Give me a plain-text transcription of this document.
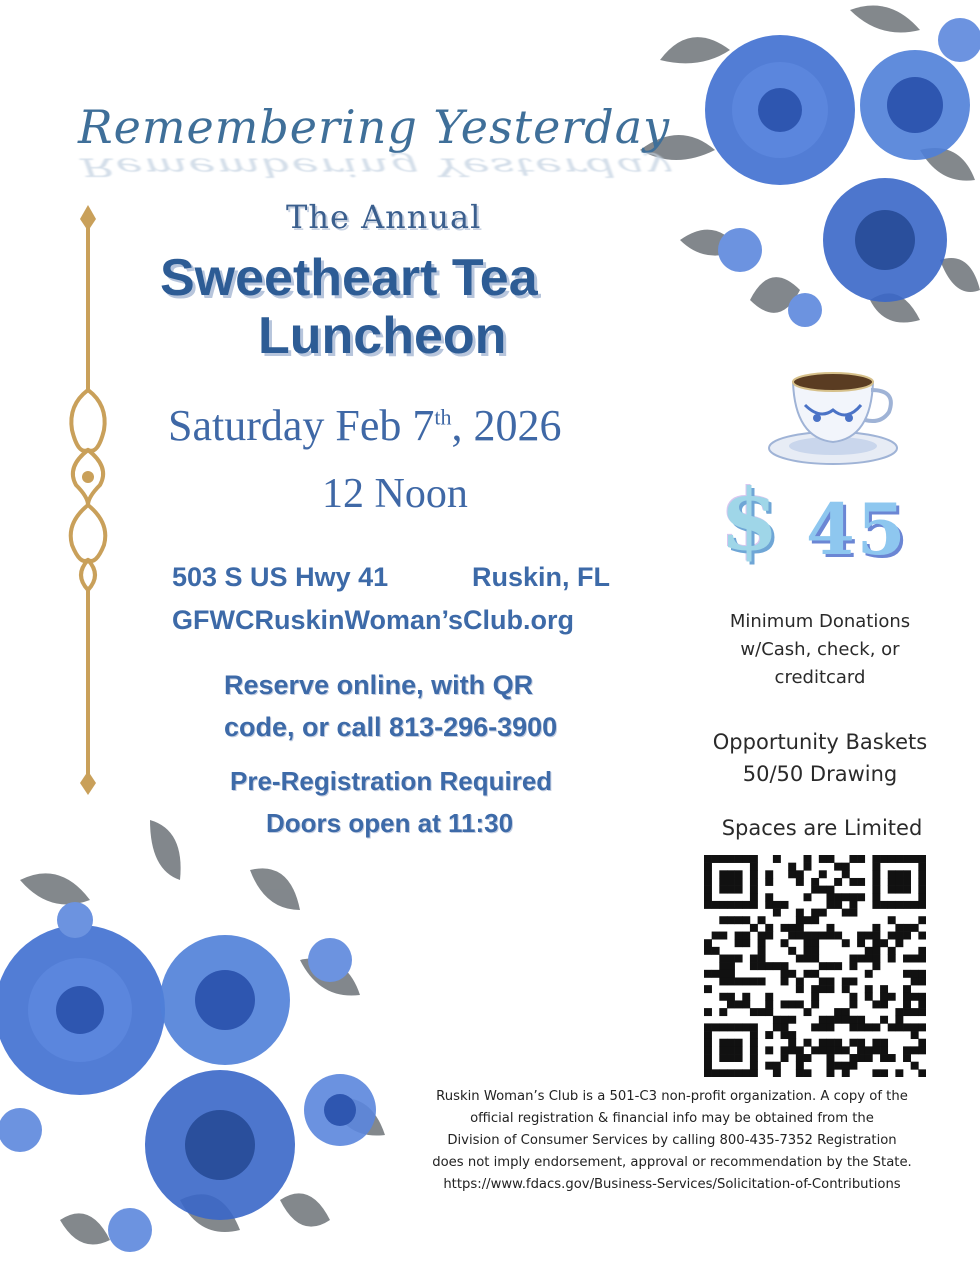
Remembering Yesterday
Remembering Yesterday
The Annual
Sweetheart Tea
Luncheon
Saturday Feb 7th, 2026
12 Noon
503 S US Hwy 41	Ruskin, FL
GFWCRuskinWoman’sClub.org
Reserve online, with QR
code, or call 813-296-3900
Pre-Registration Required
Doors open at 11:30
$ 45
Minimum Donations
w/Cash, check, or
creditcard
Opportunity Baskets
50/50 Drawing
Spaces are Limited
Ruskin Woman’s Club is a 501-C3 non-profit organization. A copy of the
official registration & financial info may be obtained from the
Division of Consumer Services by calling 800-435-7352 Registration
does not imply endorsement, approval or recommendation by the State.
https://www.fdacs.gov/Business-Services/Solicitation-of-Contributions
